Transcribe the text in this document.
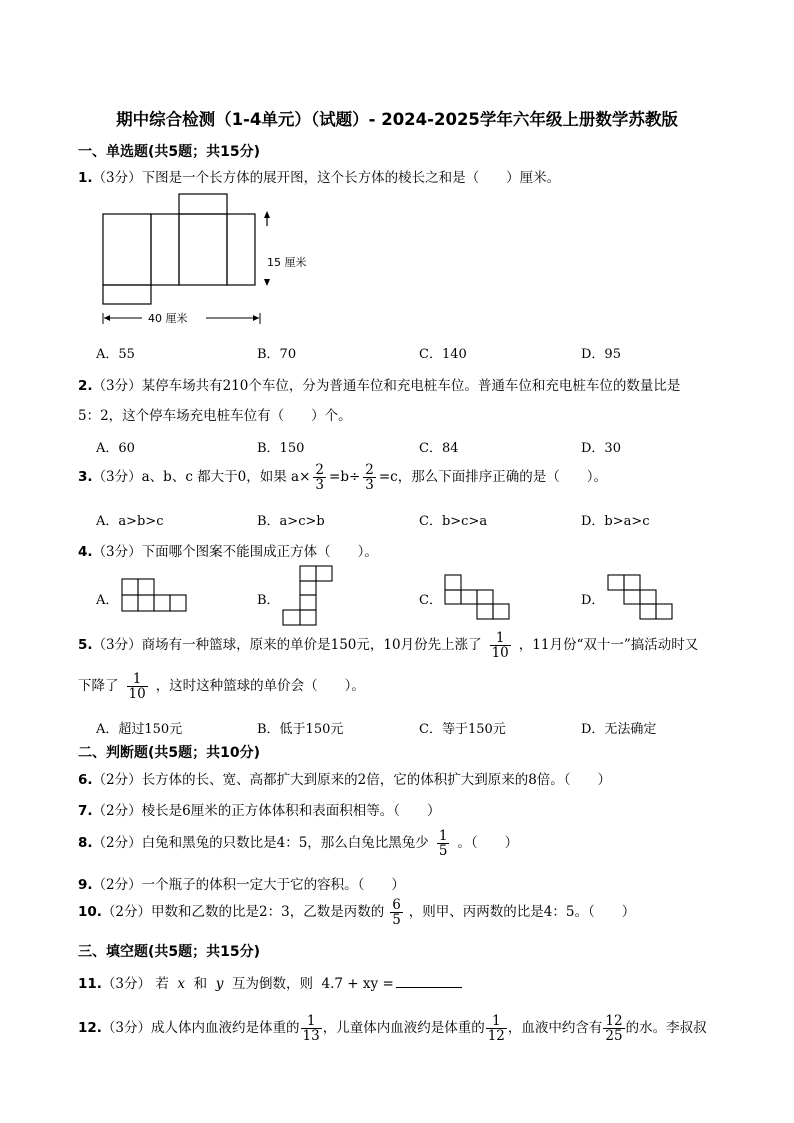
期中综合检测（1-4单元）（试题）- 2024-2025学年六年级上册数学苏教版
一、单选题(共5题；共15分)
1.（3分）下图是一个长方体的展开图，这个长方体的棱长之和是（　　）厘米。
15 厘米
40 厘米
A．55	B．70	C．140	D．95
2.（3分）某停车场共有210个车位，分为普通车位和充电桩车位。普通车位和充电桩车位的数量比是
5：2，这个停车场充电桩车位有（　　）个。
A．60	B．150	C．84	D．30
3.（3分）a、b、c 都大于0，如果 $a\times \frac{2}{3} =b\div \frac{2}{3} =c$，那么下面排序正确的是（　　）。
A．a>b>c	B．a>c>b	C．b>c>a	D．b>a>c
4.（3分）下面哪个图案不能围成正方体（　　）。
A．	B．	C．	D．
5.（3分）商场有一种篮球，原来的单价是150元，10月份先上涨了 $\frac{1}{10}$ ，11月份“双十一”搞活动时又
下降了 $\frac{1}{10}$ ，这时这种篮球的单价会（　　）。
A．超过150元	B．低于150元	C．等于150元	D．无法确定
二、判断题(共5题；共10分)
6.（2分）长方体的长、宽、高都扩大到原来的2倍，它的体积扩大到原来的8倍。（　　）
7.（2分）棱长是6厘米的正方体体积和表面积相等。（　　）
8.（2分）白兔和黑兔的只数比是4：5，那么白兔比黑兔少 $\frac{1}{5}$ 。（　　）
9.（2分）一个瓶子的体积一定大于它的容积。（　　）
10.（2分）甲数和乙数的比是2：3，乙数是丙数的 $\frac{6}{5}$ ，则甲、丙两数的比是4：5。（　　）
三、填空题(共5题；共15分)
11.（3分） 若 x 和 y 互为倒数，则 4.7 + xy =
12.（3分）成人体内血液约是体重的 $\frac{1}{13}$ ，儿童体内血液约是体重的 $\frac{1}{12}$ ，血液中约含有 $\frac{12}{25}$ 的水。李叔叔
